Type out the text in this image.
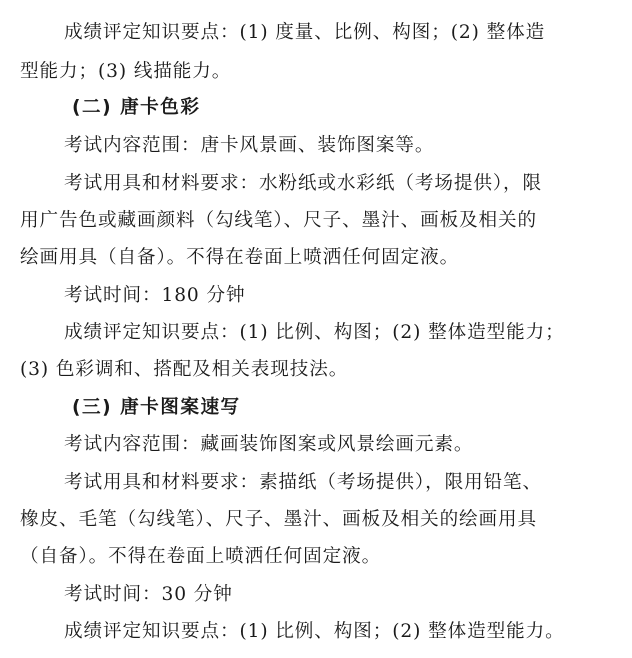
成绩评定知识要点：(1) 度量、比例、构图；(2) 整体造
型能力；(3) 线描能力。
(二) 唐卡色彩
考试内容范围：唐卡风景画、装饰图案等。
考试用具和材料要求：水粉纸或水彩纸（考场提供），限
用广告色或藏画颜料（勾线笔）、尺子、墨汁、画板及相关的
绘画用具（自备）。不得在卷面上喷洒任何固定液。
考试时间：180 分钟
成绩评定知识要点：(1) 比例、构图；(2) 整体造型能力；
(3) 色彩调和、搭配及相关表现技法。
(三) 唐卡图案速写
考试内容范围：藏画装饰图案或风景绘画元素。
考试用具和材料要求：素描纸（考场提供），限用铅笔、
橡皮、毛笔（勾线笔）、尺子、墨汁、画板及相关的绘画用具
（自备）。不得在卷面上喷洒任何固定液。
考试时间：30 分钟
成绩评定知识要点：(1) 比例、构图；(2) 整体造型能力。
